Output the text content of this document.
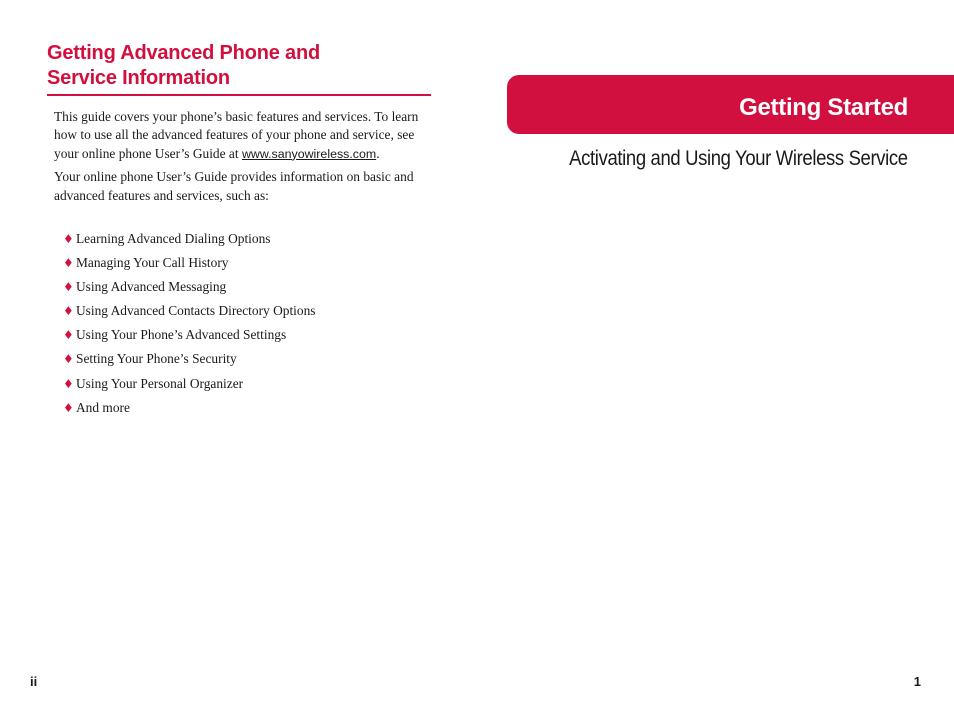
Getting Advanced Phone and
Service Information

This guide covers your phone’s basic features and services. To learn how to use all the advanced features of your phone and service, see your online phone User’s Guide at www.sanyowireless.com.

Your online phone User’s Guide provides information on basic and advanced features and services, such as:

♦ Learning Advanced Dialing Options
♦ Managing Your Call History
♦ Using Advanced Messaging
♦ Using Advanced Contacts Directory Options
♦ Using Your Phone’s Advanced Settings
♦ Setting Your Phone’s Security
♦ Using Your Personal Organizer
♦ And more
ii
Getting Started
Activating and Using Your Wireless Service
1
